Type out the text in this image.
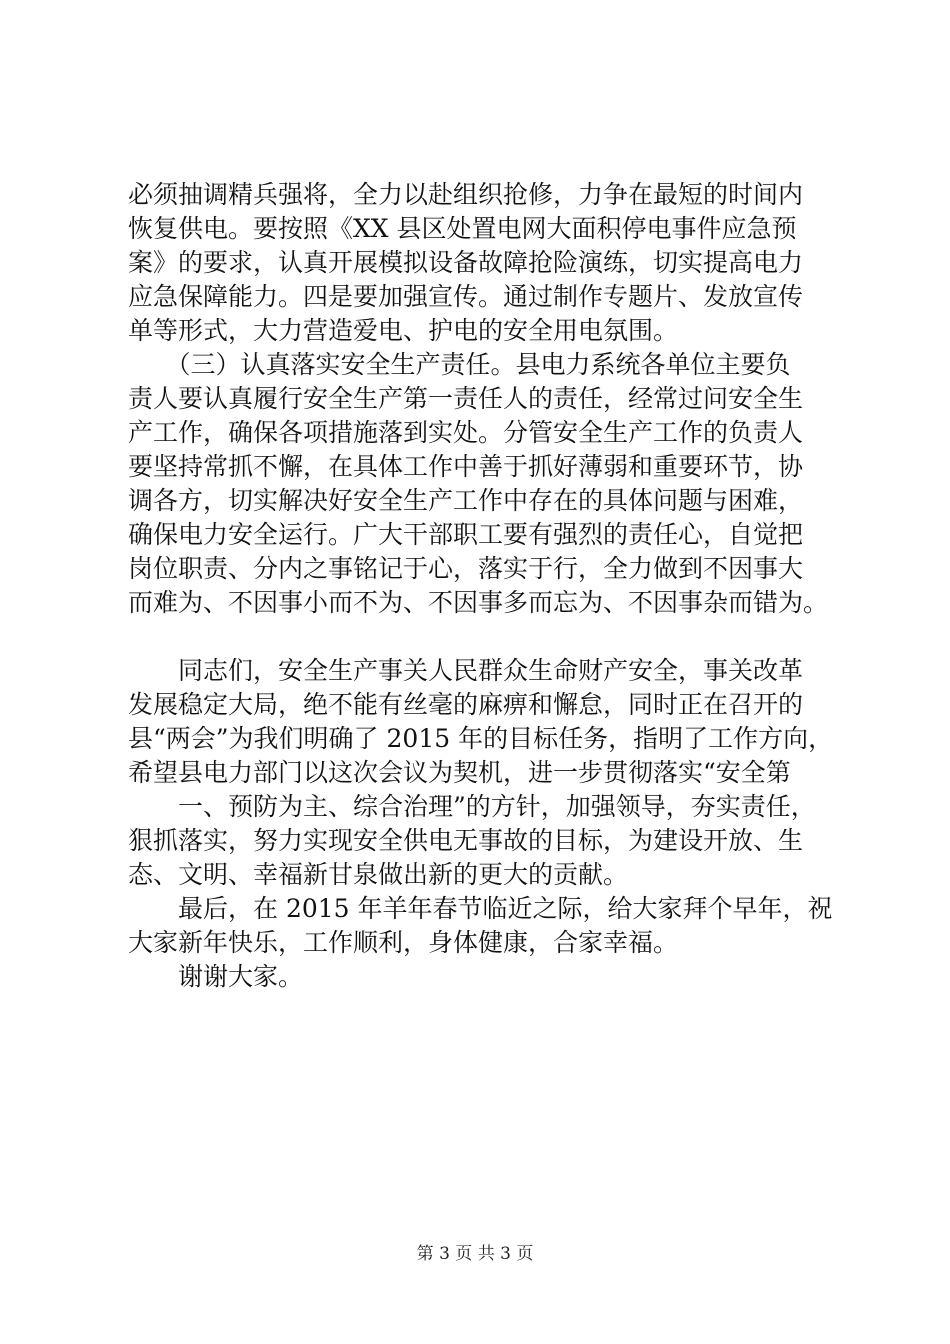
必须抽调精兵强将，全力以赴组织抢修，力争在最短的时间内
恢复供电。要按照《XX 县区处置电网大面积停电事件应急预
案》的要求，认真开展模拟设备故障抢险演练，切实提高电力
应急保障能力。四是要加强宣传。通过制作专题片、发放宣传
单等形式，大力营造爱电、护电的安全用电氛围。
　　（三）认真落实安全生产责任。县电力系统各单位主要负
责人要认真履行安全生产第一责任人的责任，经常过问安全生
产工作，确保各项措施落到实处。分管安全生产工作的负责人
要坚持常抓不懈，在具体工作中善于抓好薄弱和重要环节，协
调各方，切实解决好安全生产工作中存在的具体问题与困难，
确保电力安全运行。广大干部职工要有强烈的责任心，自觉把
岗位职责、分内之事铭记于心，落实于行，全力做到不因事大
而难为、不因事小而不为、不因事多而忘为、不因事杂而错为。
　　同志们，安全生产事关人民群众生命财产安全，事关改革
发展稳定大局，绝不能有丝毫的麻痹和懈怠，同时正在召开的
县“两会”为我们明确了 2015 年的目标任务，指明了工作方向，
希望县电力部门以这次会议为契机，进一步贯彻落实“安全第
　　一、预防为主、综合治理”的方针，加强领导，夯实责任，
狠抓落实，努力实现安全供电无事故的目标，为建设开放、生
态、文明、幸福新甘泉做出新的更大的贡献。
　　最后，在 2015 年羊年春节临近之际，给大家拜个早年，祝
大家新年快乐，工作顺利，身体健康，合家幸福。
　　谢谢大家。
第 3 页 共 3 页
